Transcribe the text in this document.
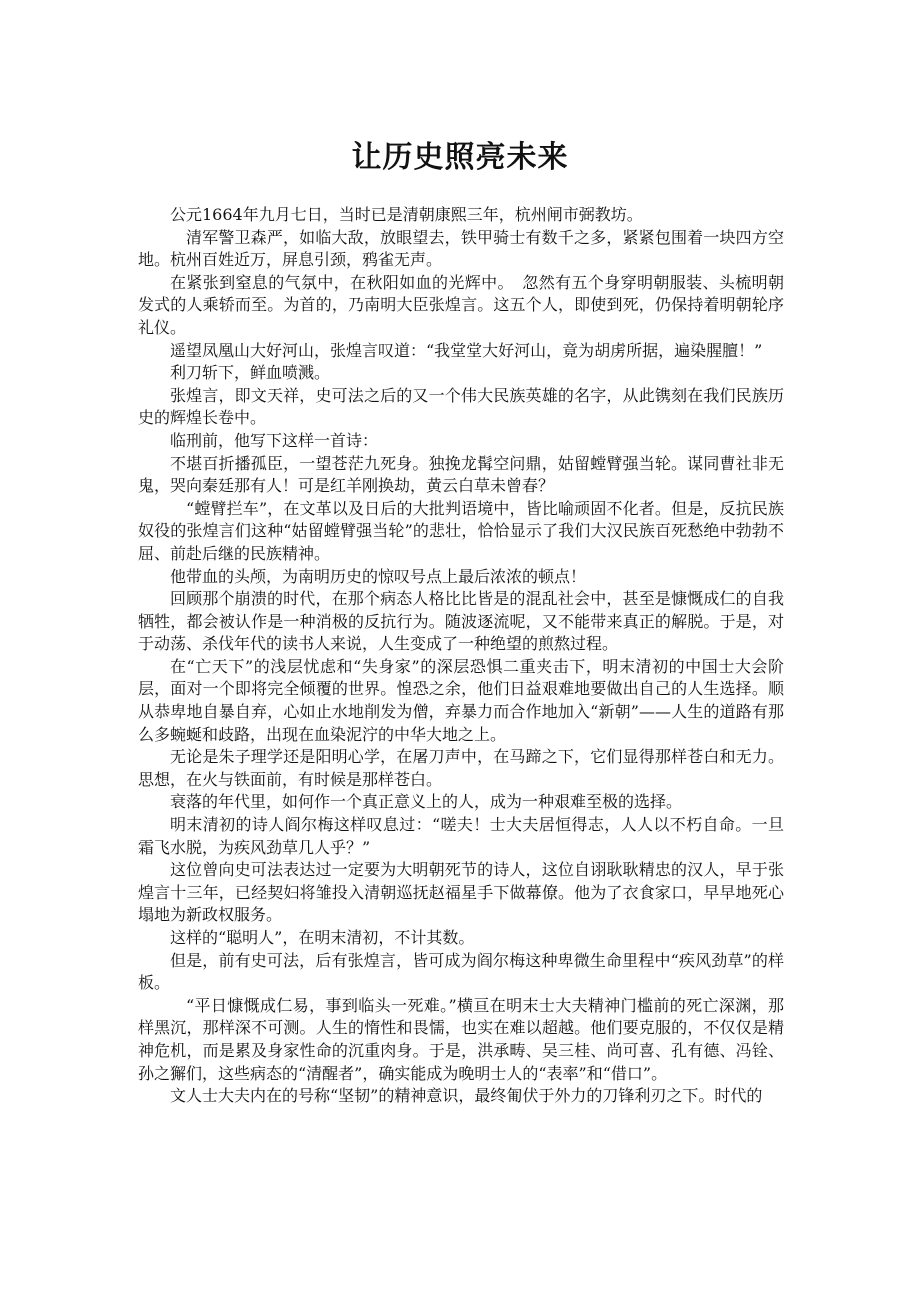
让历史照亮未来

公元1664年九月七日，当时已是清朝康熙三年，杭州闸市弼教坊。

清军警卫森严，如临大敌，放眼望去，铁甲骑士有数千之多，紧紧包围着一块四方空地。杭州百姓近万，屏息引颈，鸦雀无声。

在紧张到窒息的气氛中，在秋阳如血的光辉中。　忽然有五个身穿明朝服装、头梳明朝发式的人乘轿而至。为首的，乃南明大臣张煌言。这五个人，即使到死，仍保持着明朝轮序礼仪。

遥望凤凰山大好河山，张煌言叹道：“我堂堂大好河山，竟为胡虏所据，遍染腥膻！”

利刀斩下，鲜血喷溅。

张煌言，即文天祥，史可法之后的又一个伟大民族英雄的名字，从此镌刻在我们民族历史的辉煌长卷中。

临刑前，他写下这样一首诗：

不堪百折播孤臣，一望苍茫九死身。独挽龙髯空问鼎，姑留螳臂强当轮。谋同曹社非无鬼，哭向秦廷那有人！可是红羊刚换劫，黄云白草未曾春？

“螳臂拦车”，在文革以及日后的大批判语境中，皆比喻顽固不化者。但是，反抗民族奴役的张煌言们这种“姑留螳臂强当轮”的悲壮，恰恰显示了我们大汉民族百死愁绝中勃勃不屈、前赴后继的民族精神。

他带血的头颅，为南明历史的惊叹号点上最后浓浓的顿点！

回顾那个崩溃的时代，在那个病态人格比比皆是的混乱社会中，甚至是慷慨成仁的自我牺牲，都会被认作是一种消极的反抗行为。随波逐流呢，又不能带来真正的解脱。于是，对于动荡、杀伐年代的读书人来说，人生变成了一种绝望的煎熬过程。

在“亡天下”的浅层忧虑和“失身家”的深层恐惧二重夹击下，明末清初的中国士大会阶层，面对一个即将完全倾覆的世界。惶恐之余，他们日益艰难地要做出自己的人生选择。顺从恭卑地自暴自弃，心如止水地削发为僧，弃暴力而合作地加入“新朝”——人生的道路有那么多蜿蜒和歧路，出现在血染泥泞的中华大地之上。

无论是朱子理学还是阳明心学，在屠刀声中，在马蹄之下，它们显得那样苍白和无力。思想，在火与铁面前，有时候是那样苍白。

衰落的年代里，如何作一个真正意义上的人，成为一种艰难至极的选择。

明末清初的诗人阎尔梅这样叹息过：“嗟夫！士大夫居恒得志，人人以不朽自命。一旦霜飞水脱，为疾风劲草几人乎？”

这位曾向史可法表达过一定要为大明朝死节的诗人，这位自诩耿耿精忠的汉人，早于张煌言十三年，已经契妇将雏投入清朝巡抚赵福星手下做幕僚。他为了衣食家口，早早地死心塌地为新政权服务。

这样的“聪明人”，在明末清初，不计其数。

但是，前有史可法，后有张煌言，皆可成为阎尔梅这种卑微生命里程中“疾风劲草”的样板。

“平日慷慨成仁易，事到临头一死难。”横亘在明末士大夫精神门槛前的死亡深渊，那样黑沉，那样深不可测。人生的惰性和畏懦，也实在难以超越。他们要克服的，不仅仅是精神危机，而是累及身家性命的沉重肉身。于是，洪承畴、吴三桂、尚可喜、孔有德、冯铨、孙之獬们，这些病态的“清醒者”，确实能成为晚明士人的“表率”和“借口”。

文人士大夫内在的号称“坚韧”的精神意识，最终匍伏于外力的刀锋利刃之下。时代的
